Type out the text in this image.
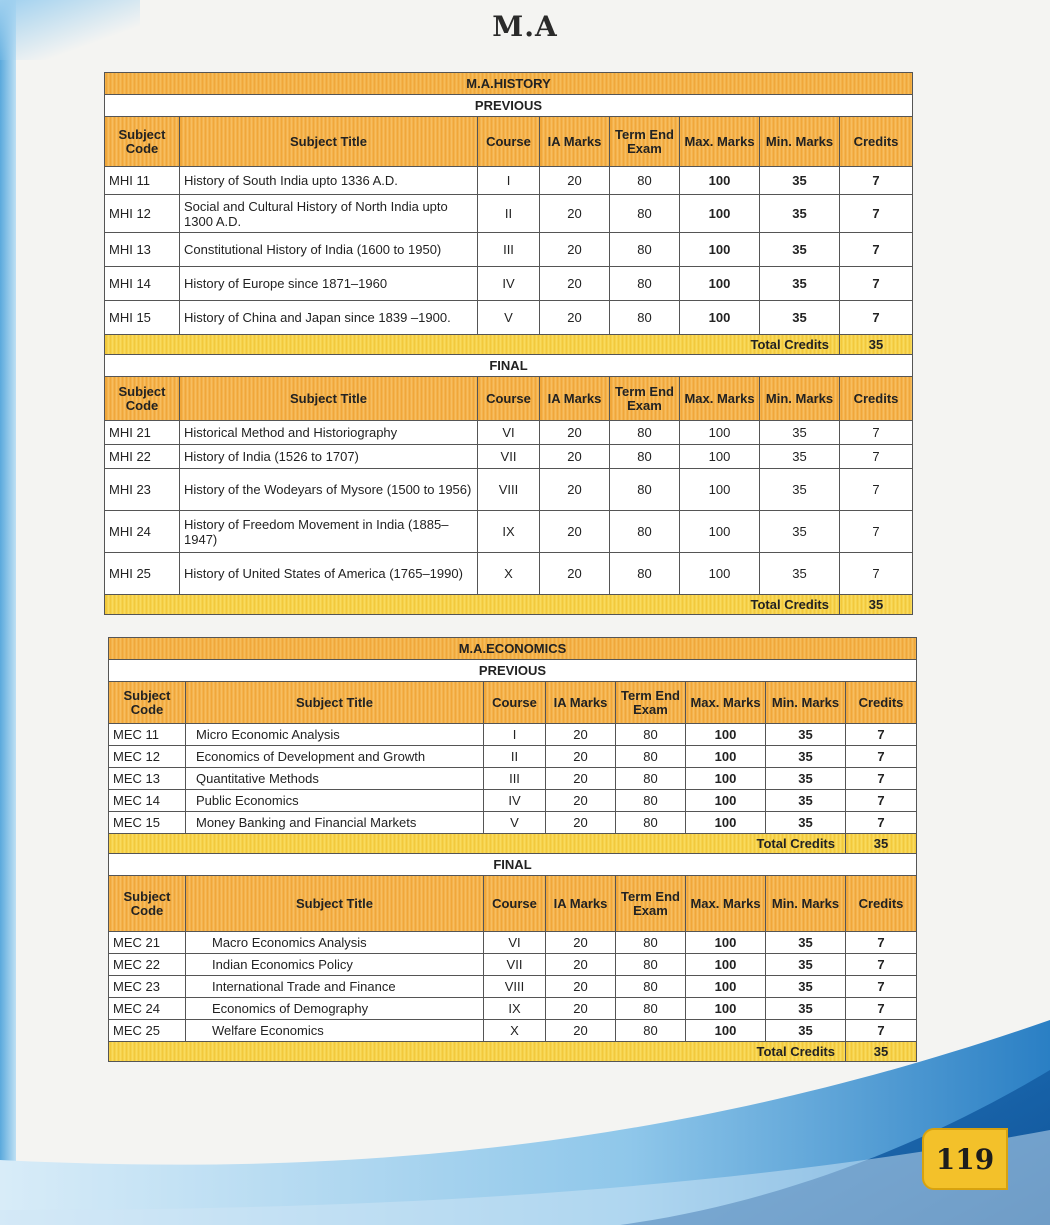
M.A
M.A.HISTORY							
PREVIOUS							
Subject Code	Subject Title	Course	IA Marks	Term End Exam	Max. Marks	Min. Marks	Credits
MHI 11	History of South India upto 1336 A.D.	I	20	80	100	35	7
MHI 12	Social and Cultural History of North India upto 1300 A.D.	II	20	80	100	35	7
MHI 13	Constitutional History of India (1600 to 1950)	III	20	80	100	35	7
MHI 14	History of Europe since 1871–1960	IV	20	80	100	35	7
MHI 15	History of China and Japan since 1839 –1900.	V	20	80	100	35	7
Total Credits							35
FINAL							
Subject Code	Subject Title	Course	IA Marks	Term End Exam	Max. Marks	Min. Marks	Credits
MHI 21	Historical Method and Historiography	VI	20	80	100	35	7
MHI 22	History of India (1526 to 1707)	VII	20	80	100	35	7
MHI 23	History of the Wodeyars of Mysore (1500 to 1956)	VIII	20	80	100	35	7
MHI 24	History of Freedom Movement in India (1885–1947)	IX	20	80	100	35	7
MHI 25	History of United States of America (1765–1990)	X	20	80	100	35	7
Total Credits							35
M.A.ECONOMICS							
PREVIOUS							
Subject Code	Subject Title	Course	IA Marks	Term End Exam	Max. Marks	Min. Marks	Credits
MEC 11	Micro Economic Analysis	I	20	80	100	35	7
MEC 12	Economics of Development and Growth	II	20	80	100	35	7
MEC 13	Quantitative Methods	III	20	80	100	35	7
MEC 14	Public Economics	IV	20	80	100	35	7
MEC 15	Money Banking and Financial Markets	V	20	80	100	35	7
Total Credits							35
FINAL							
Subject Code	Subject Title	Course	IA Marks	Term End Exam	Max. Marks	Min. Marks	Credits
MEC 21	Macro Economics Analysis	VI	20	80	100	35	7
MEC 22	Indian Economics Policy	VII	20	80	100	35	7
MEC 23	International Trade and Finance	VIII	20	80	100	35	7
MEC 24	Economics of Demography	IX	20	80	100	35	7
MEC 25	Welfare Economics	X	20	80	100	35	7
Total Credits							35
119
